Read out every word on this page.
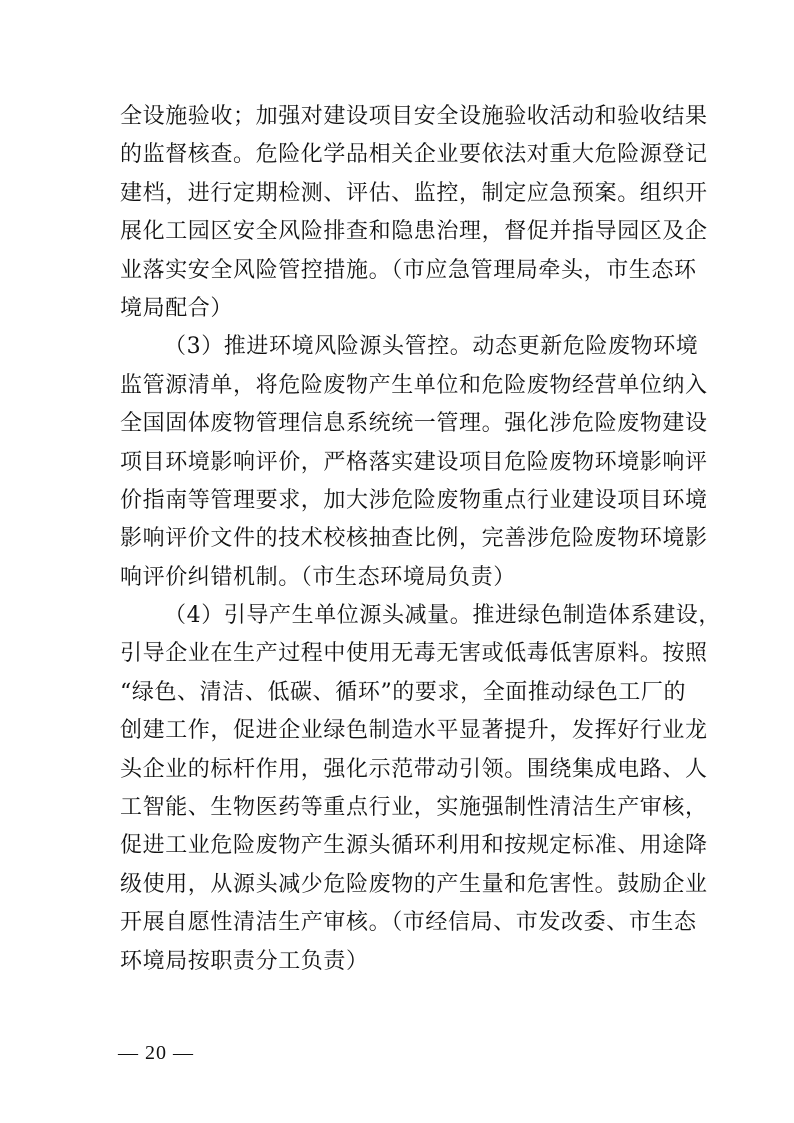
全设施验收；加强对建设项目安全设施验收活动和验收结果
的监督核查。危险化学品相关企业要依法对重大危险源登记
建档，进行定期检测、评估、监控，制定应急预案。组织开
展化工园区安全风险排查和隐患治理，督促并指导园区及企
业落实安全风险管控措施。（市应急管理局牵头，市生态环
境局配合）
（3）推进环境风险源头管控。动态更新危险废物环境
监管源清单，将危险废物产生单位和危险废物经营单位纳入
全国固体废物管理信息系统统一管理。强化涉危险废物建设
项目环境影响评价，严格落实建设项目危险废物环境影响评
价指南等管理要求，加大涉危险废物重点行业建设项目环境
影响评价文件的技术校核抽查比例，完善涉危险废物环境影
响评价纠错机制。（市生态环境局负责）
（4）引导产生单位源头减量。推进绿色制造体系建设，
引导企业在生产过程中使用无毒无害或低毒低害原料。按照
“绿色、清洁、低碳、循环”的要求，全面推动绿色工厂的
创建工作，促进企业绿色制造水平显著提升，发挥好行业龙
头企业的标杆作用，强化示范带动引领。围绕集成电路、人
工智能、生物医药等重点行业，实施强制性清洁生产审核，
促进工业危险废物产生源头循环利用和按规定标准、用途降
级使用，从源头减少危险废物的产生量和危害性。鼓励企业
开展自愿性清洁生产审核。（市经信局、市发改委、市生态
环境局按职责分工负责）
— 20 —
